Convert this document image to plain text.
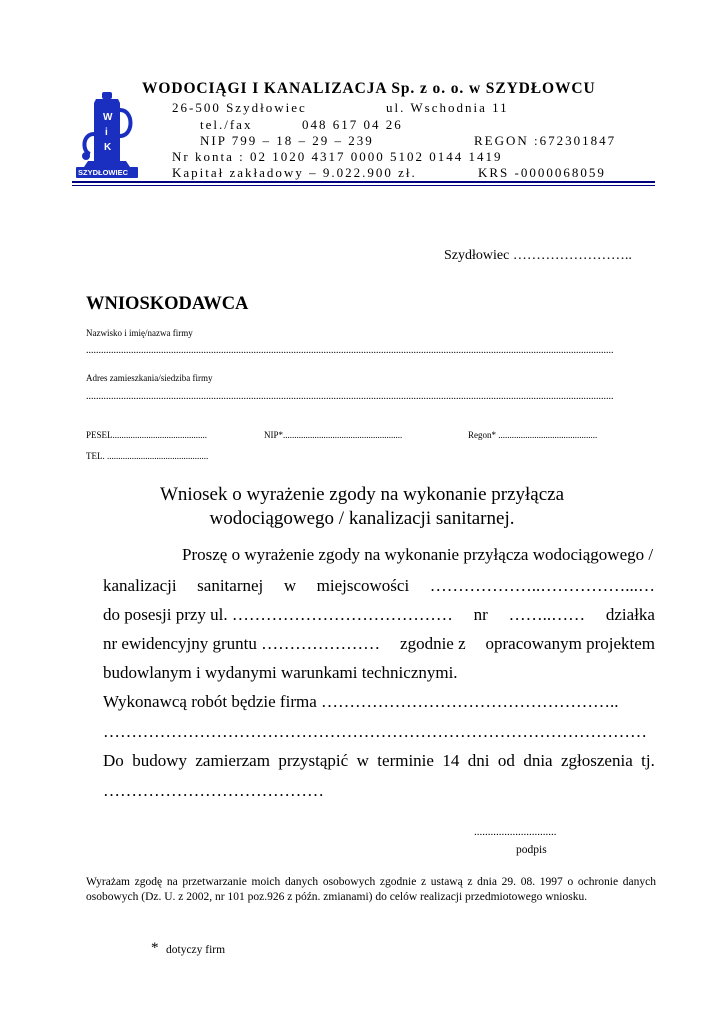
W
i
K
SZYDŁOWIEC
WODOCIĄGI I KANALIZACJA Sp. z o. o. w SZYDŁOWCU
26-500 Szydłowiec	ul. Wschodnia 11
tel./fax	048 617 04 26
NIP 799 – 18 – 29 – 239	REGON :672301847
Nr konta : 02 1020 4317 0000 5102 0144 1419
Kapitał zakładowy – 9.022.900 zł.	KRS -0000068059
Szydłowiec ……………………..
WNIOSKODAWCA
Nazwisko i imię/nazwa firmy
...................................................................................................................................................................................................................
Adres zamieszkania/siedziba firmy
...................................................................................................................................................................................................................
PESEL..........................................	NIP*.....................................................	Regon* ............................................
TEL. .............................................
Wniosek o wyrażenie zgody na wykonanie przyłącza
wodociągowego / kanalizacji sanitarnej.
Proszę o wyrażenie zgody na wykonanie przyłącza wodociągowego /
kanalizacji sanitarnej w miejscowości ………………..……………...…
do posesji przy ul. ………………………………… nr ……..…… działka
nr ewidencyjny gruntu ………………… zgodnie z opracowanym projektem
budowlanym i wydanymi warunkami technicznymi.
Wykonawcą robót będzie firma ……………………………………………..
……………………………………………………………………………………
Do budowy zamierzam przystąpić w terminie 14 dni od dnia zgłoszenia tj.
…………………………………
..............................
podpis
Wyrażam zgodę na przetwarzanie moich danych osobowych zgodnie z ustawą z dnia 29. 08. 1997 o ochronie danych osobowych (Dz. U. z 2002, nr 101 poz.926 z późn. zmianami) do celów realizacji przedmiotowego wniosku.
* dotyczy firm
